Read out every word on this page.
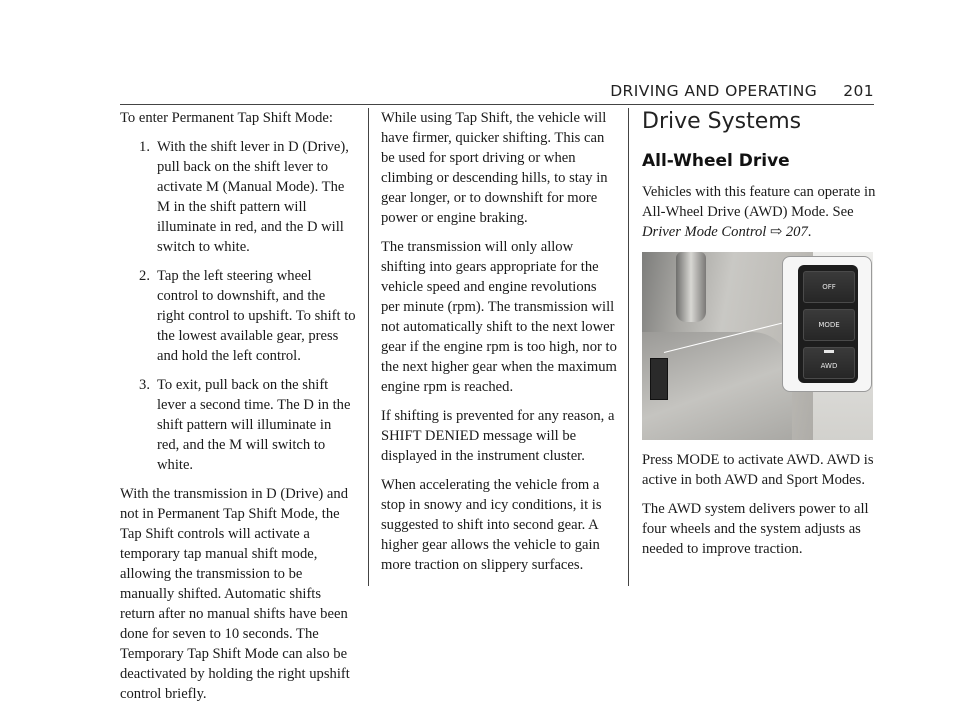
DRIVING AND OPERATING 201

To enter Permanent Tap Shift Mode:

1. With the shift lever in D (Drive), pull back on the shift lever to activate M (Manual Mode). The M in the shift pattern will illuminate in red, and the D will switch to white.
2. Tap the left steering wheel control to downshift, and the right control to upshift. To shift to the lowest available gear, press and hold the left control.
3. To exit, pull back on the shift lever a second time. The D in the shift pattern will illuminate in red, and the M will switch to white.

With the transmission in D (Drive) and not in Permanent Tap Shift Mode, the Tap Shift controls will activate a temporary tap manual shift mode, allowing the transmission to be manually shifted. Automatic shifts return after no manual shifts have been done for seven to 10 seconds. The Temporary Tap Shift Mode can also be deactivated by holding the right upshift control briefly.

While using Tap Shift, the vehicle will have firmer, quicker shifting. This can be used for sport driving or when climbing or descending hills, to stay in gear longer, or to downshift for more power or engine braking.

The transmission will only allow shifting into gears appropriate for the vehicle speed and engine revolutions per minute (rpm). The transmission will not automatically shift to the next lower gear if the engine rpm is too high, nor to the next higher gear when the maximum engine rpm is reached.

If shifting is prevented for any reason, a SHIFT DENIED message will be displayed in the instrument cluster.

When accelerating the vehicle from a stop in snowy and icy conditions, it is suggested to shift into second gear. A higher gear allows the vehicle to gain more traction on slippery surfaces.

Drive Systems
All-Wheel Drive

Vehicles with this feature can operate in All-Wheel Drive (AWD) Mode. See Driver Mode Control ⇨ 207.

OFF
MODE
AWD

Press MODE to activate AWD. AWD is active in both AWD and Sport Modes.

The AWD system delivers power to all four wheels and the system adjusts as needed to improve traction.
